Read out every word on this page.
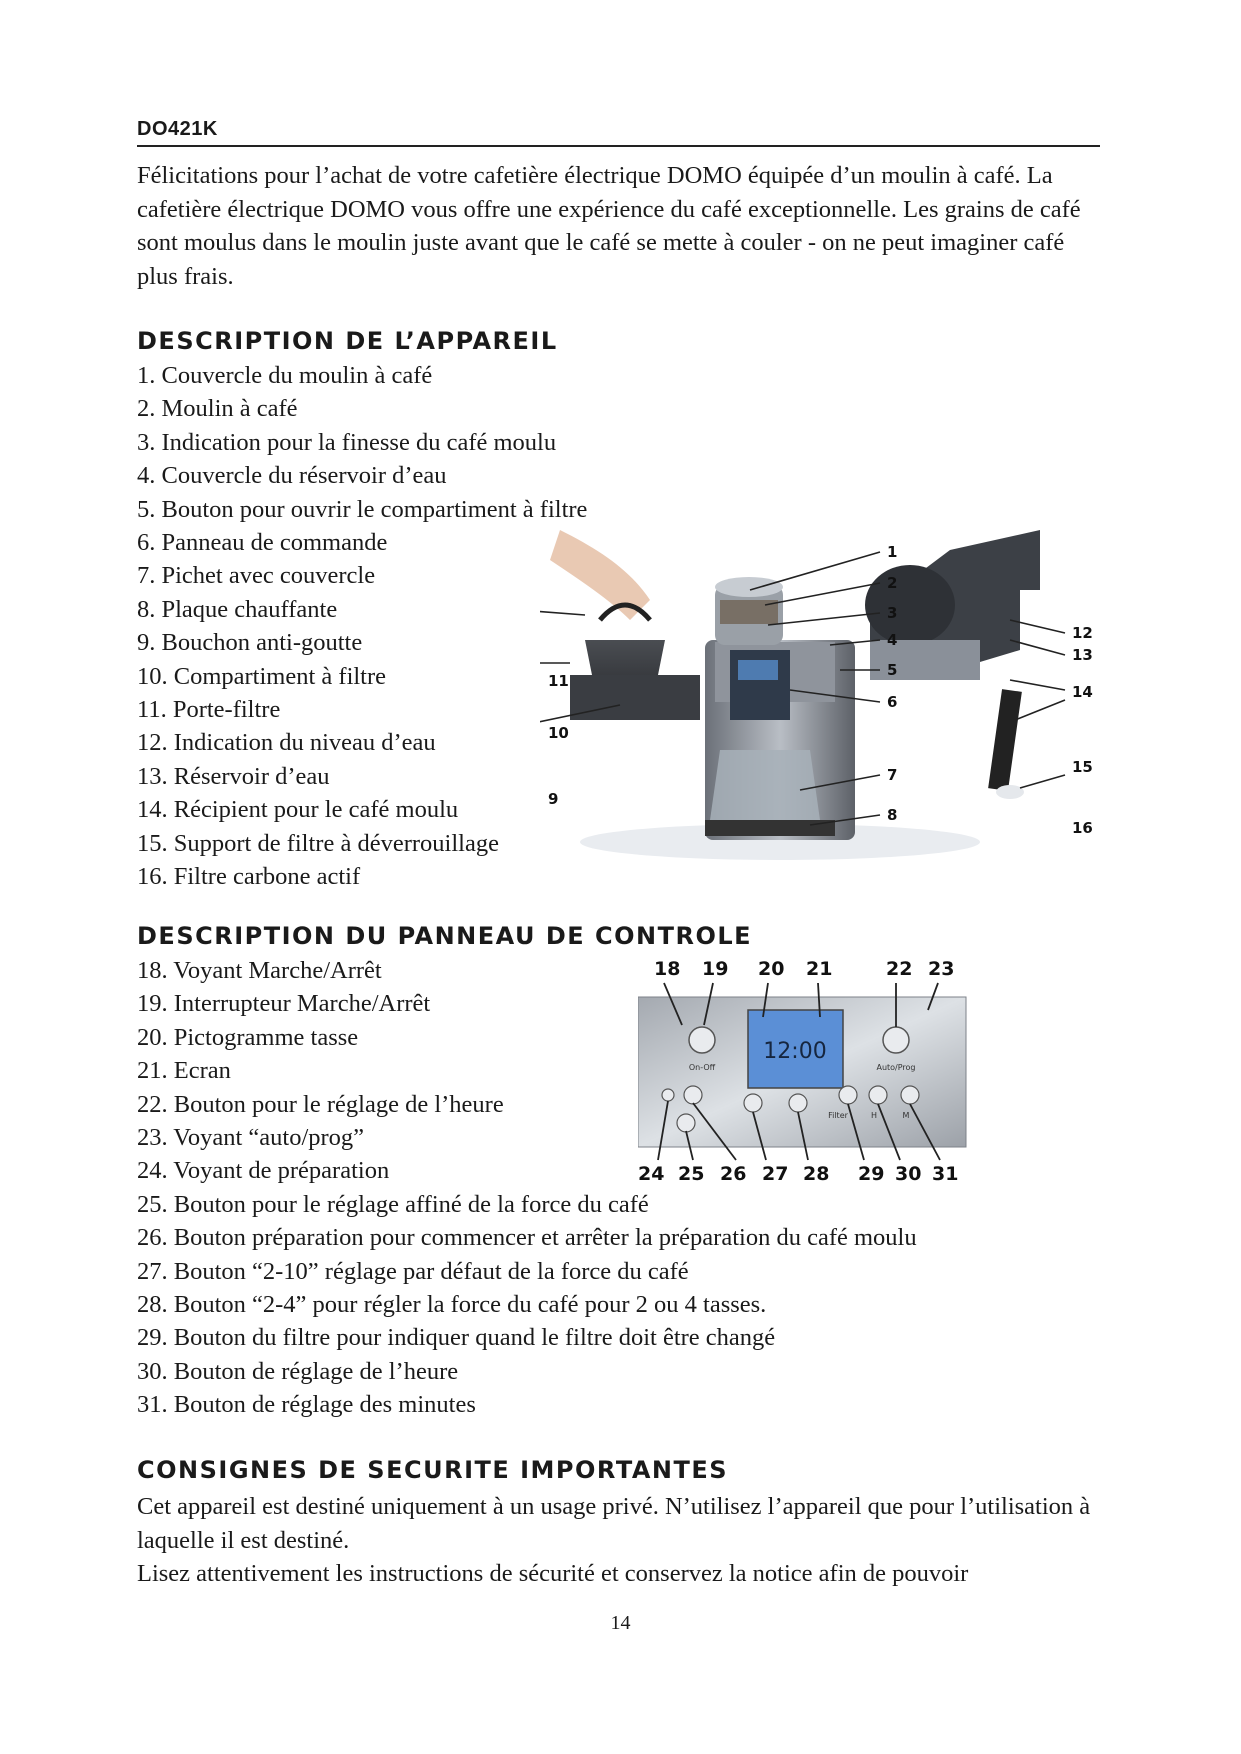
DO421K

Félicitations pour l’achat de votre cafetière électrique DOMO équipée d’un moulin à café. La cafetière électrique DOMO vous offre une expérience du café exceptionnelle. Les grains de café sont moulus dans le moulin juste avant que le café se mette à couler - on ne peut imaginer café plus frais.

DESCRIPTION DE L’APPAREIL
1. Couvercle du moulin à café
2. Moulin à café
3. Indication pour la finesse du café moulu
4. Couvercle du réservoir d’eau
5. Bouton pour ouvrir le compartiment à filtre
6. Panneau de commande
7. Pichet avec couvercle
8. Plaque chauffante
9. Bouchon anti-goutte
10. Compartiment à filtre
11. Porte-filtre
12. Indication du niveau d’eau
13. Réservoir d’eau
14. Récipient pour le café moulu
15. Support de filtre à déverrouillage
16. Filtre carbone actif
1
2
3
4
5
6
7
8
12
13
14
15
16
11
10
9
DESCRIPTION DU PANNEAU DE CONTROLE
18. Voyant Marche/Arrêt
19. Interrupteur Marche/Arrêt
20. Pictogramme tasse
21. Ecran
22. Bouton pour le réglage de l’heure
23. Voyant “auto/prog”
24. Voyant de préparation
25. Bouton pour le réglage affiné de la force du café
26. Bouton préparation pour commencer et arrêter la préparation du café moulu
27. Bouton “2-10” réglage par défaut de la force du café
28. Bouton “2-4” pour régler la force du café pour 2 ou 4 tasses.
29. Bouton du filtre pour indiquer quand le filtre doit être changé
30. Bouton de réglage de l’heure
31. Bouton de réglage des minutes
18 19 20 21	22 23
12:00
On-Off	Auto/Prog
Filter	H	M
24 25 26 27 28 29 30 31
CONSIGNES DE SECURITE IMPORTANTES

Cet appareil est destiné uniquement à un usage privé. N’utilisez l’appareil que pour l’utilisation à laquelle il est destiné.

Lisez attentivement les instructions de sécurité et conservez la notice afin de pouvoir

14
